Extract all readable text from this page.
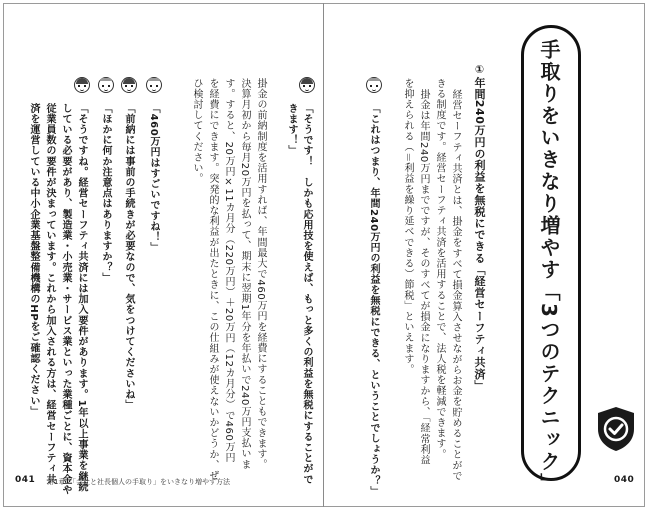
「そうです！　しかも応用技を使えば、もっと多くの利益を無税にすることがで
きます！」
掛金の前納制度を活用すれば、年間最大で460万円を経費にすることもできます。
決算月初から毎月20万円を払って、期末に翌期1年分を年払いで240万円支払いま
す。すると、20万円×11カ月分（220万円）＋20万円（12カ月分）で460万円
を経費にできます。突発的な利益が出たときに、この仕組みが使えないかどうか、ぜ
ひ検討してください。
「460万円はすごいですね！」
「前納には事前の手続きが必要なので、気をつけてくださいね」
「ほかに何か注意点はありますか？」
「そうですね。経営セーフティ共済には加入要件があります。1年以上事業を継続
している必要があり、製造業・小売業・サービス業といった業種ごとに、資本金や
従業員数の要件が決まっています。これから加入される方は、経営セーフティ共
済を運営している中小企業基盤整備機構のHPをご確認ください」
041 第1章　「会社と社長個人の手取り」をいきなり増やす方法	手取りをいきなり増やす「3つのテクニック」
①年間240万円の利益を無税にできる「経営セーフティ共済」
経営セーフティ共済とは、掛金をすべて損金算入させながらお金を貯めることがで
きる制度です。経営セーフティ共済を活用することで、法人税を軽減できます。
掛金は年間240万円までですが、そのすべてが損金になりますから、「経常利益
を抑えられる（＝利益を繰り延べできる）節税」といえます。
「これはつまり、年間240万円の利益を無税にできる、ということでしょうか？」	040
